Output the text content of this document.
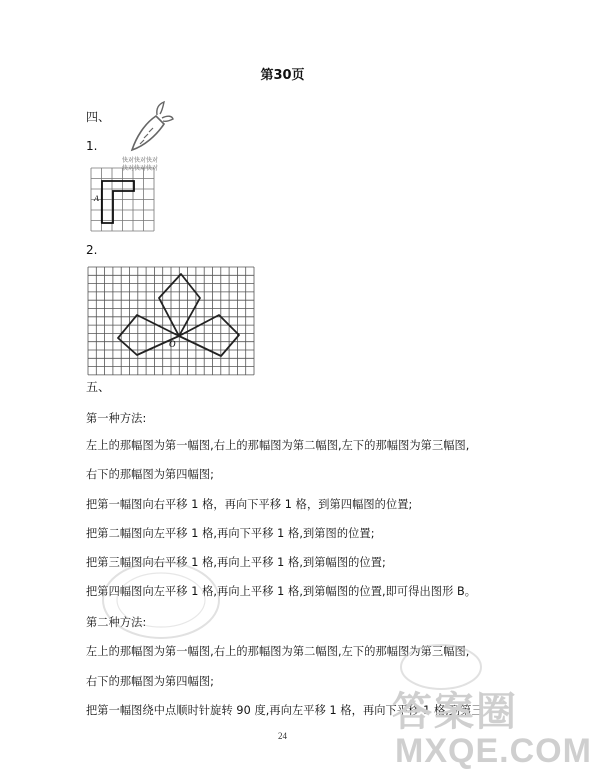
第30页
四、
1.
快对快对快对
快对快对快对
A
2.
O
五、
第一种方法:
左上的那幅图为第一幅图,右上的那幅图为第二幅图,左下的那幅图为第三幅图,
右下的那幅图为第四幅图;
把第一幅图向右平移 1 格，再向下平移 1 格，到第四幅图的位置;
把第二幅图向左平移 1 格,再向下平移 1 格,到第图的位置;
把第三幅图向右平移 1 格,再向上平移 1 格,到第幅图的位置;
把第四幅图向左平移 1 格,再向上平移 1 格,到第幅图的位置,即可得出图形 B。
第二种方法:
左上的那幅图为第一幅图,右上的那幅图为第二幅图,左下的那幅图为第三幅图,
右下的那幅图为第四幅图;
把第一幅图绕中点顺时针旋转 90 度,再向左平移 1 格，再向下平移 1 格,到第三
24
答案圈
MXQE.COM
